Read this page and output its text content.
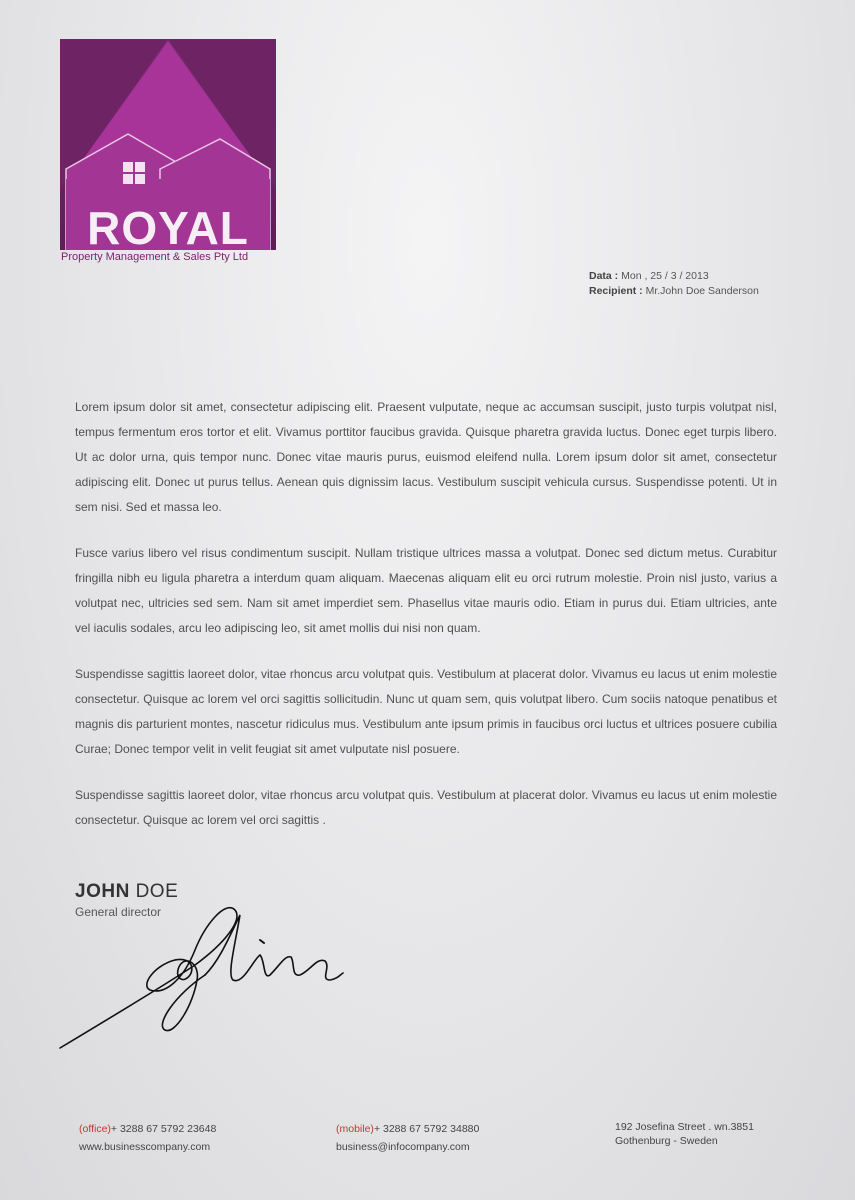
ROYAL
Property Management & Sales Pty Ltd
Data : Mon , 25 / 3 / 2013
Recipient : Mr.John Doe Sanderson

Lorem ipsum dolor sit amet, consectetur adipiscing elit. Praesent vulputate, neque ac accumsan suscipit, justo turpis volutpat nisl, tempus fermentum eros tortor et elit. Vivamus porttitor faucibus gravida. Quisque pharetra gravida luctus. Donec eget turpis libero. Ut ac dolor urna, quis tempor nunc. Donec vitae mauris purus, euismod eleifend nulla. Lorem ipsum dolor sit amet, consectetur adipiscing elit. Donec ut purus tellus. Aenean quis dignissim lacus. Vestibulum suscipit vehicula cursus. Suspendisse potenti. Ut in sem nisi. Sed et massa leo.

Fusce varius libero vel risus condimentum suscipit. Nullam tristique ultrices massa a volutpat. Donec sed dictum metus. Curabitur fringilla nibh eu ligula pharetra a interdum quam aliquam. Maecenas aliquam elit eu orci rutrum molestie. Proin nisl justo, varius a volutpat nec, ultricies sed sem. Nam sit amet imperdiet sem. Phasellus vitae mauris odio. Etiam in purus dui. Etiam ultricies, ante vel iaculis sodales, arcu leo adipiscing leo, sit amet mollis dui nisi non quam.

Suspendisse sagittis laoreet dolor, vitae rhoncus arcu volutpat quis. Vestibulum at placerat dolor. Vivamus eu lacus ut enim molestie consectetur. Quisque ac lorem vel orci sagittis sollicitudin. Nunc ut quam sem, quis volutpat libero. Cum sociis natoque penatibus et magnis dis parturient montes, nascetur ridiculus mus. Vestibulum ante ipsum primis in faucibus orci luctus et ultrices posuere cubilia Curae; Donec tempor velit in velit feugiat sit amet vulputate nisl posuere.

Suspendisse sagittis laoreet dolor, vitae rhoncus arcu volutpat quis. Vestibulum at placerat dolor. Vivamus eu lacus ut enim molestie consectetur. Quisque ac lorem vel orci sagittis .

JOHN DOE
General director
(office)+ 3288 67 5792 23648
www.businesscompany.com
(mobile)+ 3288 67 5792 34880
business@infocompany.com
192 Josefina Street . wn.3851
Gothenburg - Sweden
